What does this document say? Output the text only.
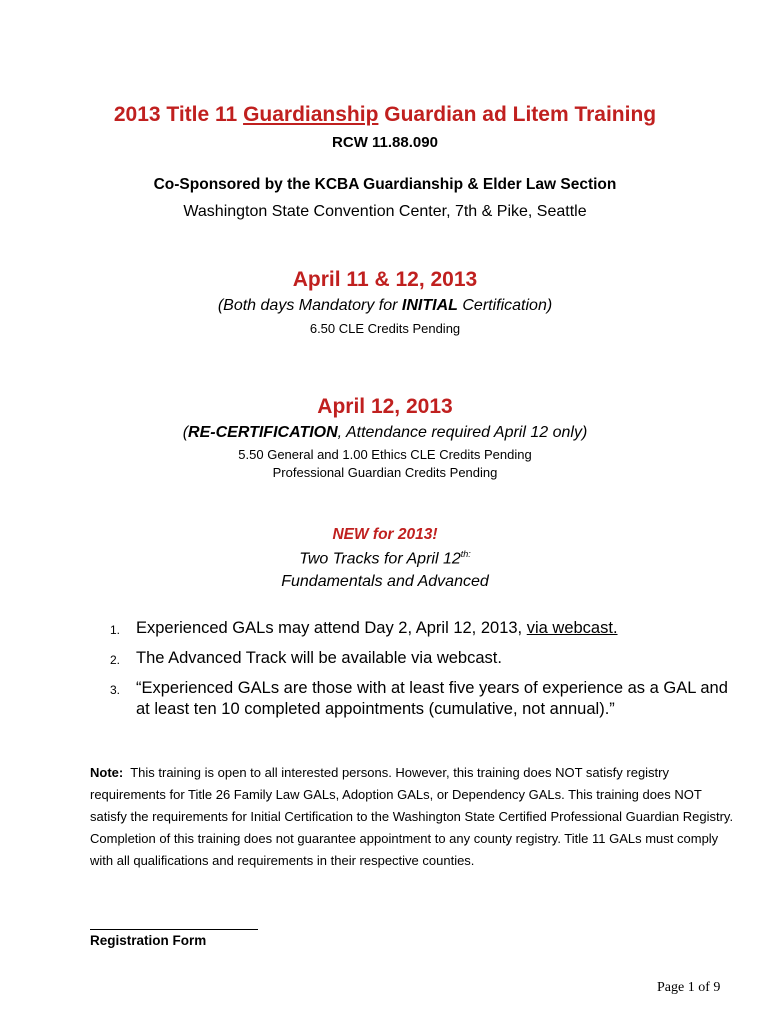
2013 Title 11 Guardianship Guardian ad Litem Training
RCW 11.88.090
Co-Sponsored by the KCBA Guardianship & Elder Law Section
Washington State Convention Center, 7th & Pike, Seattle
April 11 & 12, 2013
(Both days Mandatory for INITIAL Certification)
6.50 CLE Credits Pending
April 12, 2013
(RE-CERTIFICATION, Attendance required April 12 only)
5.50 General and 1.00 Ethics CLE Credits Pending
Professional Guardian Credits Pending
NEW for 2013!
Two Tracks for April $12^{th:}$
Fundamentals and Advanced
1. Experienced GALs may attend Day 2, April 12, 2013, via webcast.
2. The Advanced Track will be available via webcast.
3. “Experienced GALs are those with at least five years of experience as a GAL and at least ten 10 completed appointments (cumulative, not annual).”
Note: This training is open to all interested persons. However, this training does NOT satisfy registry requirements for Title 26 Family Law GALs, Adoption GALs, or Dependency GALs. This training does NOT satisfy the requirements for Initial Certification to the Washington State Certified Professional Guardian Registry. Completion of this training does not guarantee appointment to any county registry. Title 11 GALs must comply with all qualifications and requirements in their respective counties.
Registration Form
Page 1 of 9
